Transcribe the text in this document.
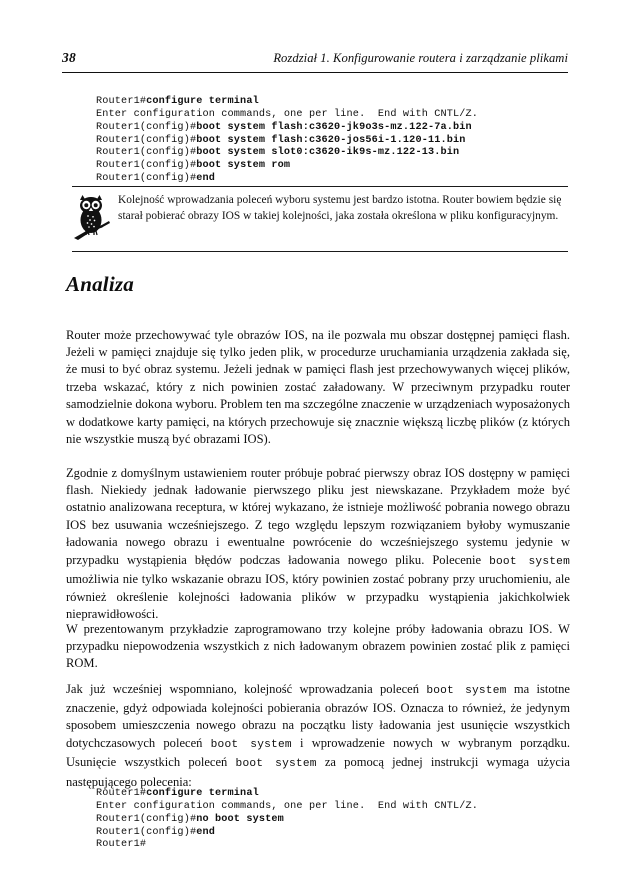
38	Rozdział 1. Konfigurowanie routera i zarządzanie plikami
Router1#configure terminal
Enter configuration commands, one per line.  End with CNTL/Z.
Router1(config)#boot system flash:c3620-jk9o3s-mz.122-7a.bin
Router1(config)#boot system flash:c3620-jos56i-1.120-11.bin
Router1(config)#boot system slot0:c3620-ik9s-mz.122-13.bin
Router1(config)#boot system rom
Router1(config)#end
Kolejność wprowadzania poleceń wyboru systemu jest bardzo istotna. Router bowiem będzie się starał pobierać obrazy IOS w takiej kolejności, jaka została określona w pliku konfiguracyjnym.
Analiza

Router może przechowywać tyle obrazów IOS, na ile pozwala mu obszar dostępnej pamięci flash. Jeżeli w pamięci znajduje się tylko jeden plik, w procedurze uruchamiania urządzenia zakłada się, że musi to być obraz systemu. Jeżeli jednak w pamięci flash jest przechowywanych więcej plików, trzeba wskazać, który z nich powinien zostać załadowany. W przeciwnym przypadku router samodzielnie dokona wyboru. Problem ten ma szczególne znaczenie w urządzeniach wyposażonych w dodatkowe karty pamięci, na których przechowuje się znacznie większą liczbę plików (z których nie wszystkie muszą być obrazami IOS).

Zgodnie z domyślnym ustawieniem router próbuje pobrać pierwszy obraz IOS dostępny w pamięci flash. Niekiedy jednak ładowanie pierwszego pliku jest niewskazane. Przykładem może być ostatnio analizowana receptura, w której wykazano, że istnieje możliwość pobrania nowego obrazu IOS bez usuwania wcześniejszego. Z tego względu lepszym rozwiązaniem byłoby wymuszanie ładowania nowego obrazu i ewentualne powrócenie do wcześniejszego systemu jedynie w przypadku wystąpienia błędów podczas ładowania nowego pliku. Polecenie boot system umożliwia nie tylko wskazanie obrazu IOS, który powinien zostać pobrany przy uruchomieniu, ale również określenie kolejności ładowania plików w przypadku wystąpienia jakichkolwiek nieprawidłowości.

W prezentowanym przykładzie zaprogramowano trzy kolejne próby ładowania obrazu IOS. W przypadku niepowodzenia wszystkich z nich ładowanym obrazem powinien zostać plik z pamięci ROM.

Jak już wcześniej wspomniano, kolejność wprowadzania poleceń boot system ma istotne znaczenie, gdyż odpowiada kolejności pobierania obrazów IOS. Oznacza to również, że jedynym sposobem umieszczenia nowego obrazu na początku listy ładowania jest usunięcie wszystkich dotychczasowych poleceń boot system i wprowadzenie nowych w wybranym porządku. Usunięcie wszystkich poleceń boot system za pomocą jednej instrukcji wymaga użycia następującego polecenia:

Router1#configure terminal
Enter configuration commands, one per line.  End with CNTL/Z.
Router1(config)#no boot system
Router1(config)#end

Router1#
